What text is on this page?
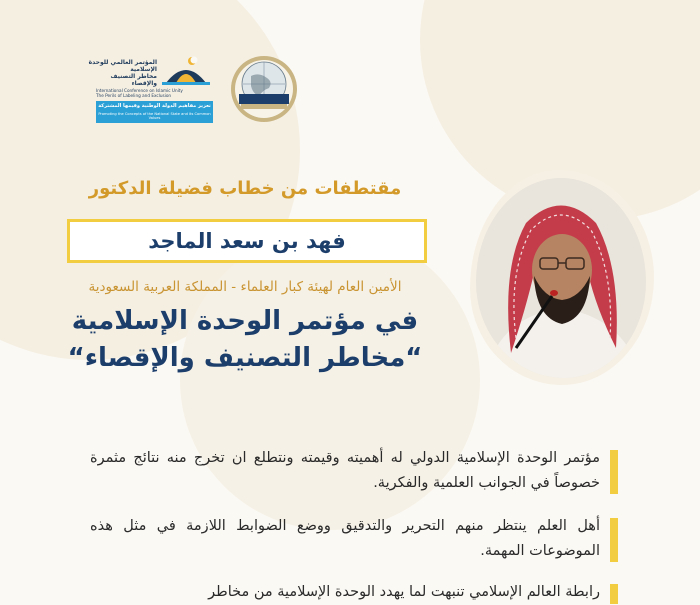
المؤتمر العالمي للوحدة الإسلامية
مخاطر التصنيف والإقصاء
International Conference on Islamic Unity
The Perils of Labeling and Exclusion
تعزيز مفاهيم الدولة الوطنية وقيمها المشتركة
Promoting the Concepts of the National State and its Common Values
مقتطفات من خطاب فضيلة الدكتور
فهد بن سعد الماجد
الأمين العام لهيئة كبار العلماء - المملكة العربية السعودية
في مؤتمر الوحدة الإسلامية
“مخاطر التصنيف والإقصاء“
مؤتمر الوحدة الإسلامية الدولي له أهميته وقيمته ونتطلع ان تخرج منه نتائج مثمرة خصوصاً في الجوانب العلمية والفكرية.
أهل العلم ينتظر منهم التحرير والتدقيق ووضع الضوابط اللازمة في مثل هذه الموضوعات المهمة.
رابطة العالم الإسلامي تنبهت لما يهدد الوحدة الإسلامية من مخاطر
